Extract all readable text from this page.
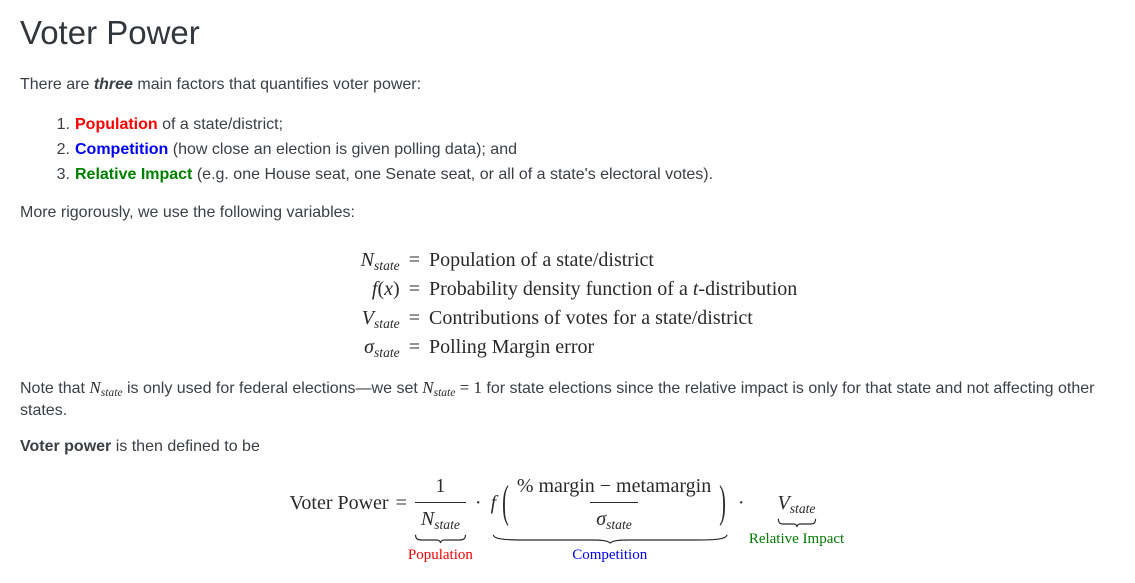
Voter Power

There are three main factors that quantifies voter power:

1. Population of a state/district;
2. Competition (how close an election is given polling data); and
3. Relative Impact (e.g. one House seat, one Senate seat, or all of a state's electoral votes).

More rigorously, we use the following variables:

$N_{state}$ = Population of a state/district
f(x) = Probability density function of a t-distribution
$V_{state}$ = Contributions of votes for a state/district
$\sigma_{state}$ = Polling Margin error

Note that $N_{state}$ is only used for federal elections—we set $N_{state} = 1$ for state elections since the relative impact is only for that state and not affecting other states.

Voter power is then defined to be

Voter Power = $\frac{1}{N_{state}}$
Population
· f ( $\frac{\text{\% margin − metamargin}}{\sigma_{state}}$ )
Competition
· $V_{state}$
Relative Impact
